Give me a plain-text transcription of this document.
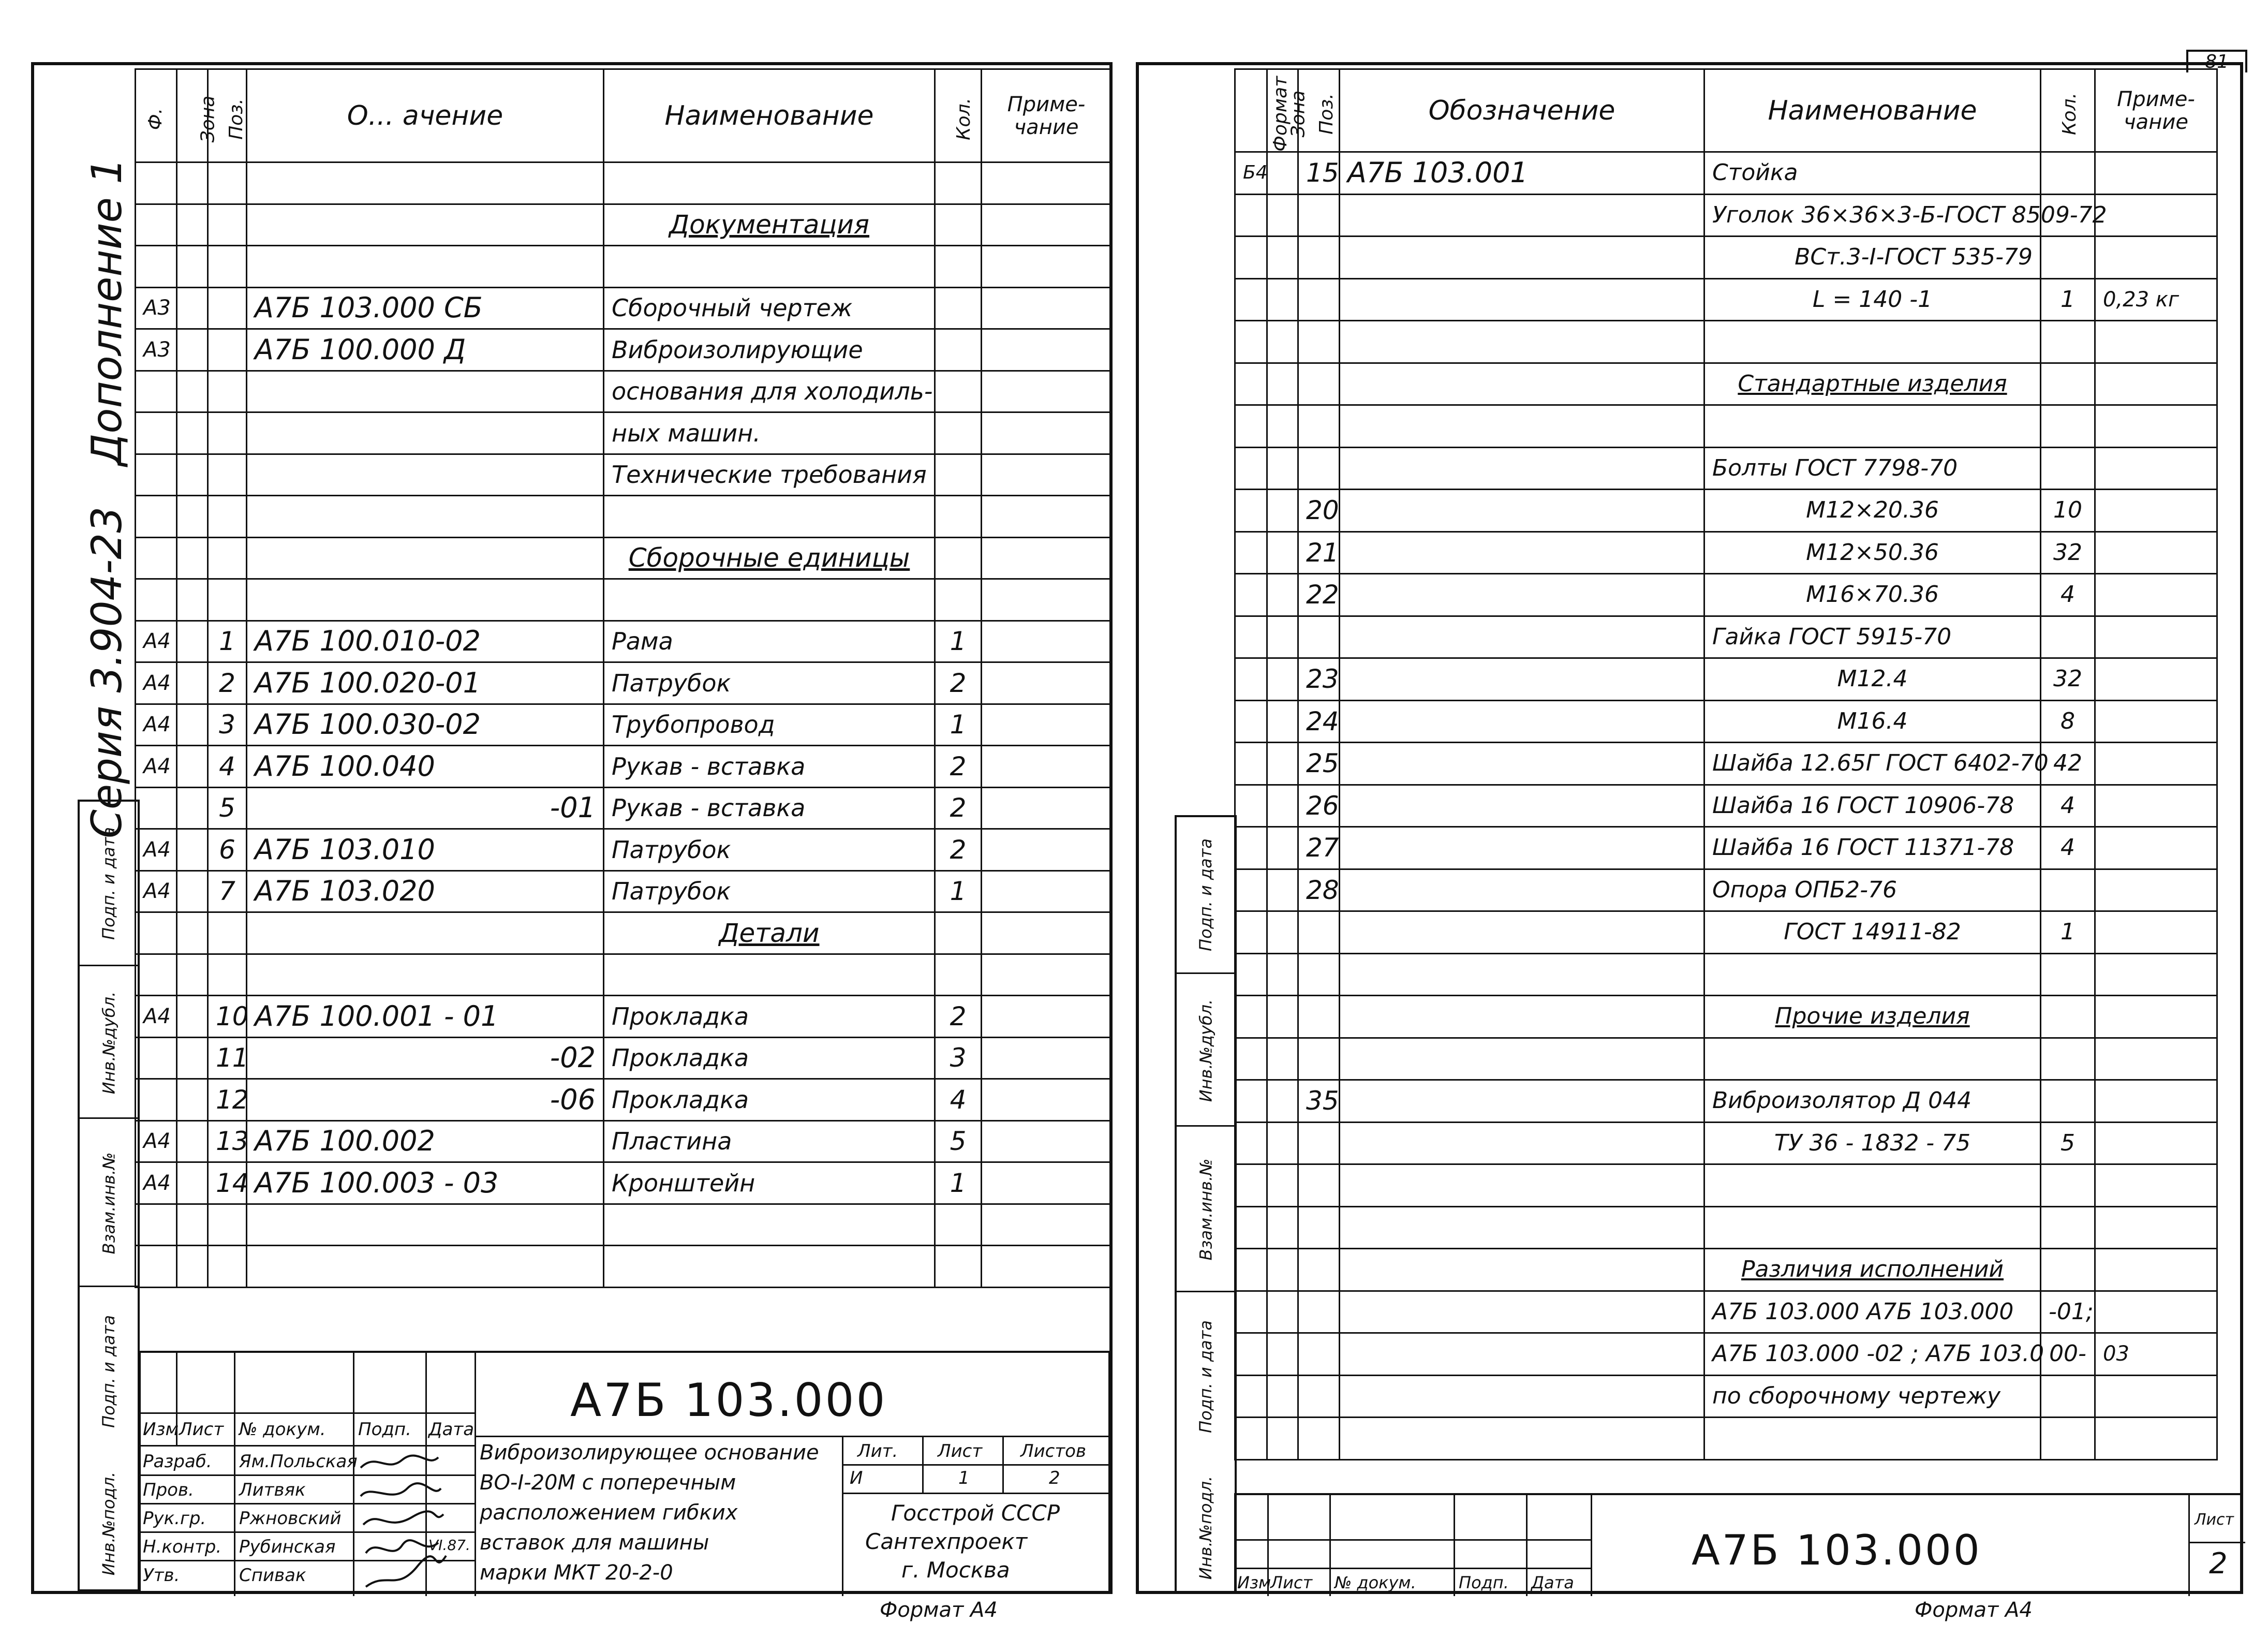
Дополнение 1
Серия 3.904-23
Инв.№подл.
Подп. и дата
Взам.инв.№
Инв.№дубл.
Подп. и дата
Ф.	Зона	Поз.	О... ачение	Наименование	Кол.	Приме-чание

				Документация		

А3			А7Б 103.000 СБ	Сборочный чертеж		
А3			А7Б 100.000 Д	Виброизолирующие		
				основания для холодиль-		
				ных машин.		
				Технические требования		

				Сборочные единицы		

А4		1	А7Б 100.010-02	Рама	1	
А4		2	А7Б 100.020-01	Патрубок	2	
А4		3	А7Б 100.030-02	Трубопровод	1	
А4		4	А7Б 100.040	Рукав - вставка	2	
		5	-01	Рукав - вставка	2	
А4		6	А7Б 103.010	Патрубок	2	
А4		7	А7Б 103.020	Патрубок	1	
				Детали		

А4		10	А7Б 100.001 - 01	Прокладка	2	
		11	-02	Прокладка	3	
		12	-06	Прокладка	4	
А4		13	А7Б 100.002	Пластина	5	
А4		14	А7Б 100.003 - 03	Кронштейн	1	

Изм Лист № докум. Подп. Дата
Разраб. Ям.Польская
Пров.	Литвяк
Рук.гр. Ржновский
Н.контр. Рубинская	VI.87.
Утв.	Спивак
А7Б 103.000
Виброизолирующее основание
ВО-I-20М с поперечным
расположением гибких
вставок для машины
марки МКТ 20-2-0
Лит. Лист Листов
И	1	2
Госстрой СССР
Сантехпроект
г. Москва
Формат А4
81
Инв.№подл.
Подп. и дата
Взам.инв.№
Инв.№дубл.
Подп. и дата
Формат	Зона	Поз.	Обозначение	Наименование	Кол.	Приме-чание
Б4		15	А7Б 103.001	Стойка		
				Уголок 36×36×3-Б-ГОСТ 8509-72		
				ВСт.3-I-ГОСТ 535-79		
				L = 140 -1	1	0,23 кг

				Стандартные изделия		

				Болты ГОСТ 7798-70		
		20		М12×20.36	10	
		21		М12×50.36	32	
		22		М16×70.36	4	
				Гайка ГОСТ 5915-70		
		23		М12.4	32	
		24		М16.4	8	
		25		Шайба 12.65Г ГОСТ 6402-70	42	
		26		Шайба 16 ГОСТ 10906-78	4	
		27		Шайба 16 ГОСТ 11371-78	4	
		28		Опора ОПБ2-76		
				ГОСТ 14911-82	1	

				Прочие изделия		

		35		Виброизолятор Д 044		
				ТУ 36 - 1832 - 75	5	

				Различия исполнений		
				А7Б 103.000 А7Б 103.000	-01;	
				А7Б 103.000 -02 ; А7Б 103.0	00-	03
				по сборочному чертежу		

Изм
Лист № докум.	Подп. Дата
А7Б 103.000
Лист
2
Формат А4
